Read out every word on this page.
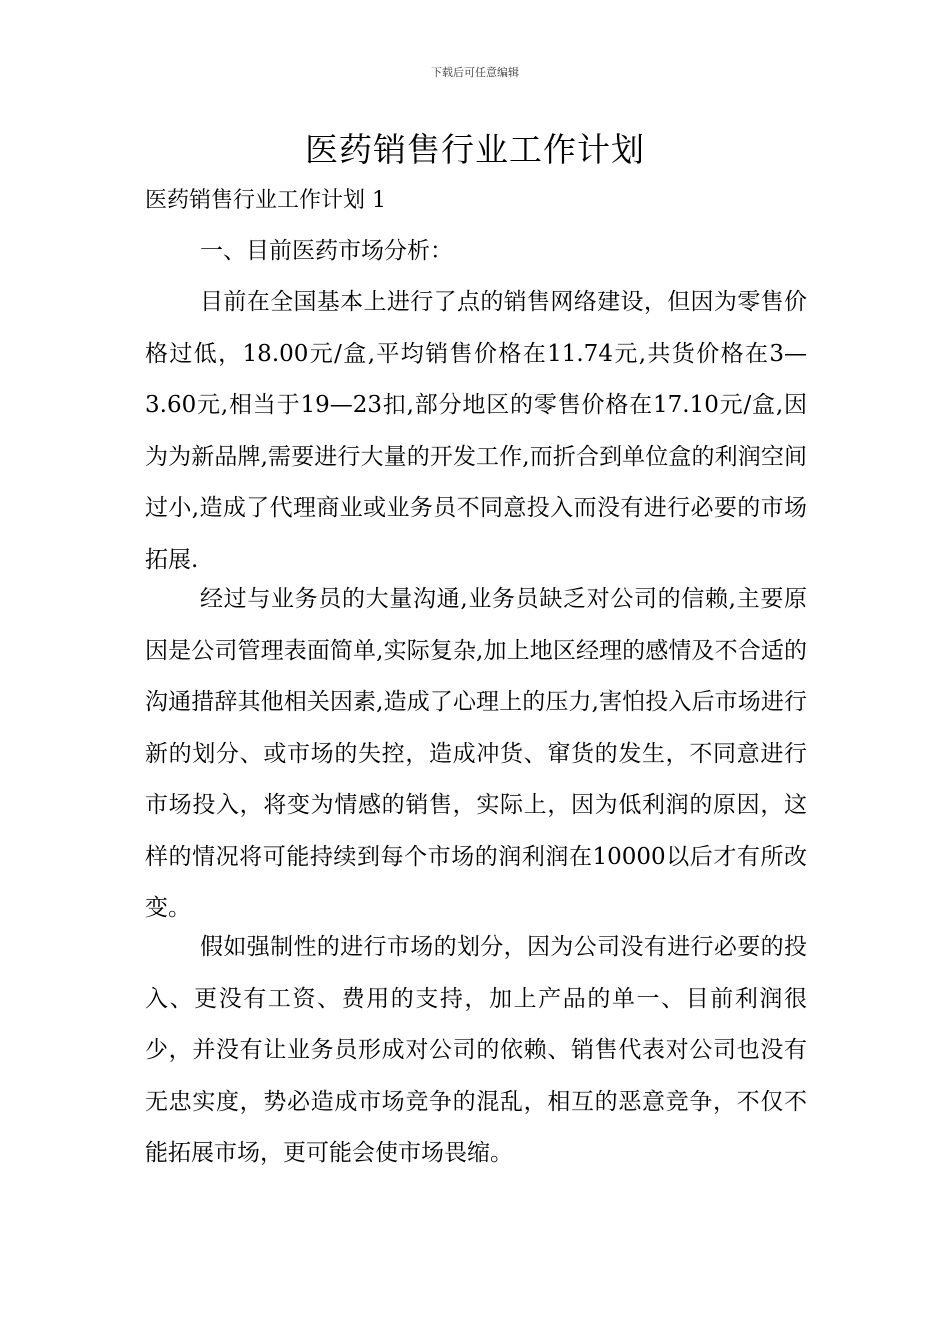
下载后可任意编辑
医药销售行业工作计划

医药销售行业工作计划 1

一、目前医药市场分析：

目前在全国基本上进行了点的销售网络建设，但因为零售价格过低，18.00元/盒,平均销售价格在11.74元,共货价格在3—3.60元,相当于19—23扣,部分地区的零售价格在17.10元/盒,因为为新品牌,需要进行大量的开发工作,而折合到单位盒的利润空间过小,造成了代理商业或业务员不同意投入而没有进行必要的市场拓展.

经过与业务员的大量沟通,业务员缺乏对公司的信赖,主要原因是公司管理表面简单,实际复杂,加上地区经理的感情及不合适的沟通措辞其他相关因素,造成了心理上的压力,害怕投入后市场进行新的划分、或市场的失控，造成冲货、窜货的发生，不同意进行市场投入，将变为情感的销售，实际上，因为低利润的原因，这样的情况将可能持续到每个市场的润利润在10000以后才有所改变。

假如强制性的进行市场的划分，因为公司没有进行必要的投入、更没有工资、费用的支持，加上产品的单一、目前利润很少，并没有让业务员形成对公司的依赖、销售代表对公司也没有无忠实度，势必造成市场竞争的混乱，相互的恶意竞争，不仅不能拓展市场，更可能会使市场畏缩。
